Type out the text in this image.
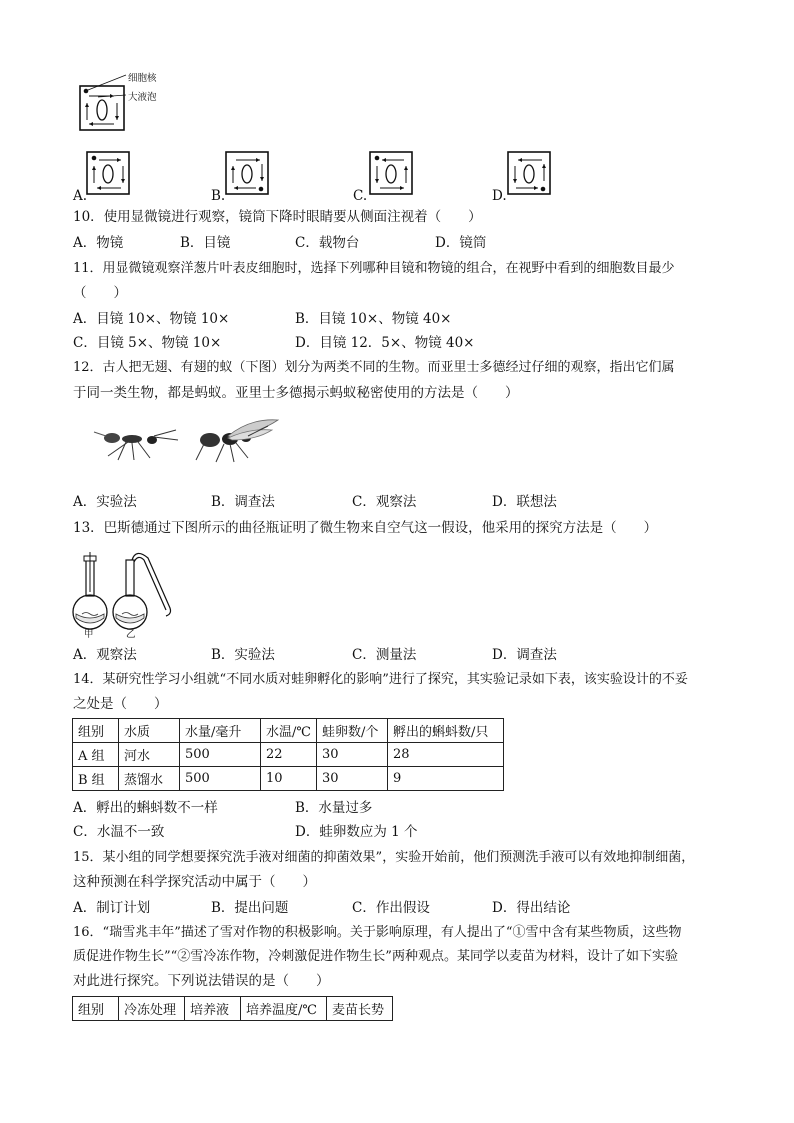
细胞核
大液泡
A.	B.	C.	D.
10．使用显微镜进行观察，镜筒下降时眼睛要从侧面注视着（　　）
A．物镜	B．目镜	C．载物台	D．镜筒
11．用显微镜观察洋葱片叶表皮细胞时，选择下列哪种目镜和物镜的组合，在视野中看到的细胞数目最少
（　　）
A．目镜 10×、物镜 10×	B．目镜 10×、物镜 40×
C．目镜 5×、物镜 10×	D．目镜 12．5×、物镜 40×
12．古人把无翅、有翅的蚁（下图）划分为两类不同的生物。而亚里士多德经过仔细的观察，指出它们属
于同一类生物，都是蚂蚁。亚里士多德揭示蚂蚁秘密使用的方法是（　　）
A．实验法	B．调查法	C．观察法	D．联想法
13．巴斯德通过下图所示的曲径瓶证明了微生物来自空气这一假设，他采用的探究方法是（　　）
甲	乙
A．观察法	B．实验法	C．测量法	D．调查法
14．某研究性学习小组就“不同水质对蛙卵孵化的影响”进行了探究，其实验记录如下表，该实验设计的不妥
之处是（　　）
组别	水质	水量/毫升	水温/℃	蛙卵数/个	孵出的蝌蚪数/只
A 组	河水	500	22	30	28
B 组	蒸馏水	500	10	30	9
A．孵出的蝌蚪数不一样	B．水量过多
C．水温不一致	D．蛙卵数应为 1 个
15．某小组的同学想要探究洗手液对细菌的抑菌效果”，实验开始前，他们预测洗手液可以有效地抑制细菌，
这种预测在科学探究活动中属于（　　）
A．制订计划	B．提出问题	C．作出假设	D．得出结论
16．“瑞雪兆丰年”描述了雪对作物的积极影响。关于影响原理，有人提出了“①雪中含有某些物质，这些物
质促进作物生长”“②雪冷冻作物，冷刺激促进作物生长”两种观点。某同学以麦苗为材料，设计了如下实验
对此进行探究。下列说法错误的是（　　）
组别	冷冻处理	培养液	培养温度/℃	麦苗长势
